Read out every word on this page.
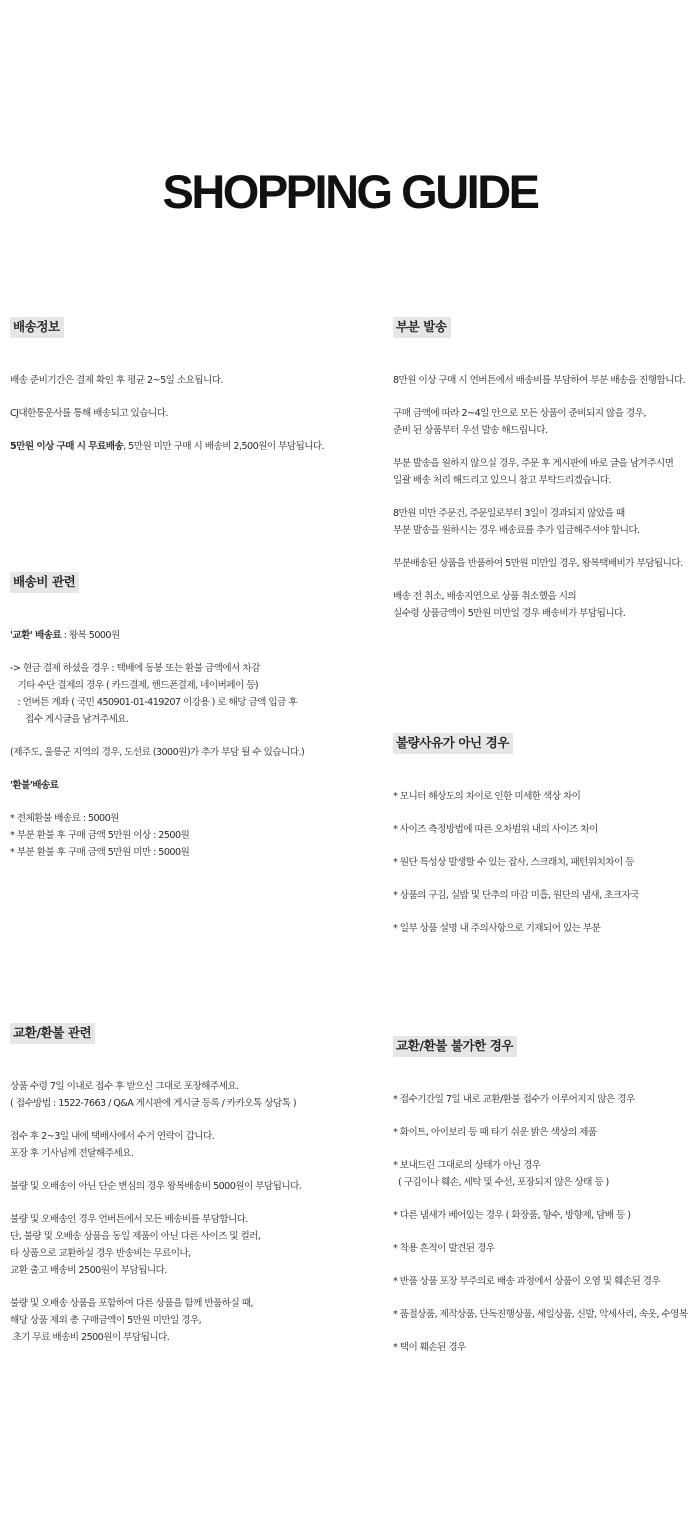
SHOPPING GUIDE
배송정보
배송 준비기간은 결제 확인 후 평균 2~5일 소요됩니다.
CJ대한통운사를 통해 배송되고 있습니다.
5만원 이상 구매 시 무료배송, 5만원 미만 구매 시 배송비 2,500원이 부담됩니다.
배송비 관련
'교환' 배송료 : 왕복 5000원
-> 현금 결제 하셨을 경우 : 택배에 동봉 또는 환불 금액에서 차감
기타 수단 결제의 경우 ( 카드결제, 핸드폰결제, 네이버페이 등)
: 언버튼 계좌 ( 국민 450901-01-419207 이강용 ) 로 해당 금액 입금 후
접수 게시글을 남겨주세요.
(제주도, 울릉군 지역의 경우, 도선료 (3000원)가 추가 부담 될 수 있습니다.)
'환불'배송료
* 전체환불 배송료 : 5000원
* 부분 환불 후 구매 금액 5만원 이상 : 2500원
* 부분 환불 후 구매 금액 5만원 미만 : 5000원
교환/환불 관련
상품 수령 7일 이내로 접수 후 받으신 그대로 포장해주세요.
( 접수방법 : 1522-7663 / Q&A 게시판에 게시글 등록 / 카카오톡 상담톡 )
접수 후 2~3일 내에 택배사에서 수거 연락이 갑니다.
포장 후 기사님께 전달해주세요.
불량 및 오배송이 아닌 단순 변심의 경우 왕복배송비 5000원이 부담됩니다.
불량 및 오배송인 경우 언버튼에서 모든 배송비를 부담합니다.
단, 불량 및 오배송 상품을 동일 제품이 아닌 다른 사이즈 및 컬러,
타 상품으로 교환하실 경우 반송비는 무료이나,
교환 출고 배송비 2500원이 부담됩니다.
불량 및 오배송 상품을 포함하여 다른 상품을 함께 반품하실 때,
해당 상품 제외 총 구매금액이 5만원 미만일 경우,
초기 무료 배송비 2500원이 부담됩니다.
부분 발송
8만원 이상 구매 시 언버튼에서 배송비를 부담하여 부분 배송을 진행합니다.
구매 금액에 따라 2~4일 안으로 모든 상품이 준비되지 않을 경우,
준비 된 상품부터 우선 발송 해드립니다.
부분 발송을 원하지 않으실 경우, 주문 후 게시판에 바로 글을 남겨주시면
일괄 배송 처리 해드리고 있으니 참고 부탁드리겠습니다.
8만원 미만 주문건, 주문일로부터 3일이 경과되지 않았을 때
부분 발송을 원하시는 경우 배송료를 추가 입금해주셔야 합니다.
부분배송된 상품을 반품하여 5만원 미만일 경우, 왕복택배비가 부담됩니다.
배송 전 취소, 배송지연으로 상품 취소했을 시의
실수령 상품금액이 5만원 미만일 경우 배송비가 부담됩니다.
불량사유가 아닌 경우
* 모니터 해상도의 차이로 인한 미세한 색상 차이
* 사이즈 측정방법에 따른 오차범위 내의 사이즈 차이
* 원단 특성상 발생할 수 있는 잡사, 스크래치, 패턴위치차이 등
* 상품의 구김, 실밥 및 단추의 마감 미흡, 원단의 냄새, 초크자국
* 일부 상품 설명 내 주의사항으로 기재되어 있는 부분
교환/환불 불가한 경우
* 접수기간일 7일 내로 교환/환불 접수가 이루어지지 않은 경우
* 화이트, 아이보리 등 때 타기 쉬운 밝은 색상의 제품
* 보내드린 그대로의 상태가 아닌 경우
( 구김이나 훼손, 세탁 및 수선, 포장되지 않은 상태 등 )
* 다른 냄새가 베어있는 경우 ( 화장품, 향수, 방향제, 담배 등 )
* 착용 흔적이 발견된 경우
* 반품 상품 포장 부주의로 배송 과정에서 상품이 오염 및 훼손된 경우
* 품절상품, 제작상품, 단독진행상품, 세일상품, 신발, 악세사리, 속옷, 수영복
* 택이 훼손된 경우
